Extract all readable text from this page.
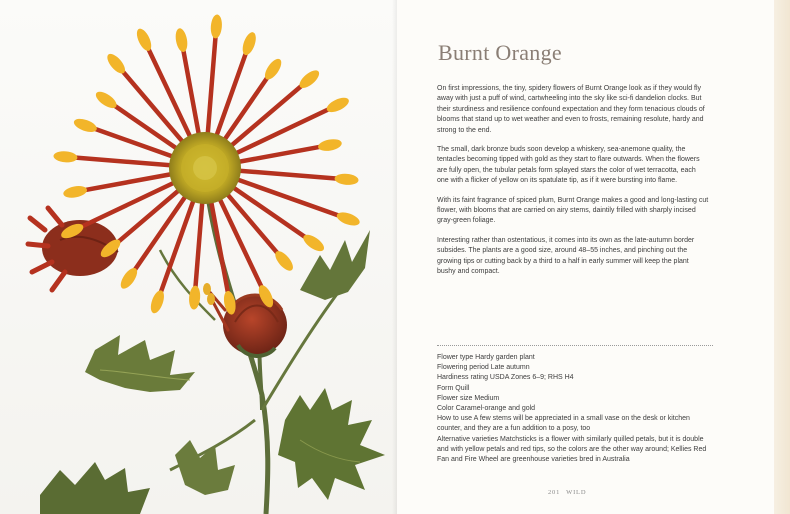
Burnt Orange

On first impressions, the tiny, spidery flowers of Burnt Orange look as if they would fly away with just a puff of wind, cartwheeling into the sky like sci-fi dandelion clocks. But their sturdiness and resilience confound expectation and they form tenacious clouds of blooms that stand up to wet weather and even to frosts, remaining resolute, hardy and strong to the end.

The small, dark bronze buds soon develop a whiskery, sea-anemone quality, the tentacles becoming tipped with gold as they start to flare outwards. When the flowers are fully open, the tubular petals form splayed stars the color of wet terracotta, each one with a flicker of yellow on its spatulate tip, as if it were bursting into flame.

With its faint fragrance of spiced plum, Burnt Orange makes a good and long-lasting cut flower, with blooms that are carried on airy stems, daintily frilled with sharply incised gray-green foliage.

Interesting rather than ostentatious, it comes into its own as the late-autumn border subsides. The plants are a good size, around 48–55 inches, and pinching out the growing tips or cutting back by a third to a half in early summer will keep the plant bushy and compact.

Flower type Hardy garden plant
Flowering period Late autumn
Hardiness rating USDA Zones 6–9; RHS H4
Form Quill
Flower size Medium
Color Caramel-orange and gold
How to use A few stems will be appreciated in a small vase on the desk or kitchen counter, and they are a fun addition to a posy, too
Alternative varieties Matchsticks is a flower with similarly quilled petals, but it is double and with yellow petals and red tips, so the colors are the other way around; Kellies Red Fan and Fire Wheel are greenhouse varieties bred in Australia
201 WILD
